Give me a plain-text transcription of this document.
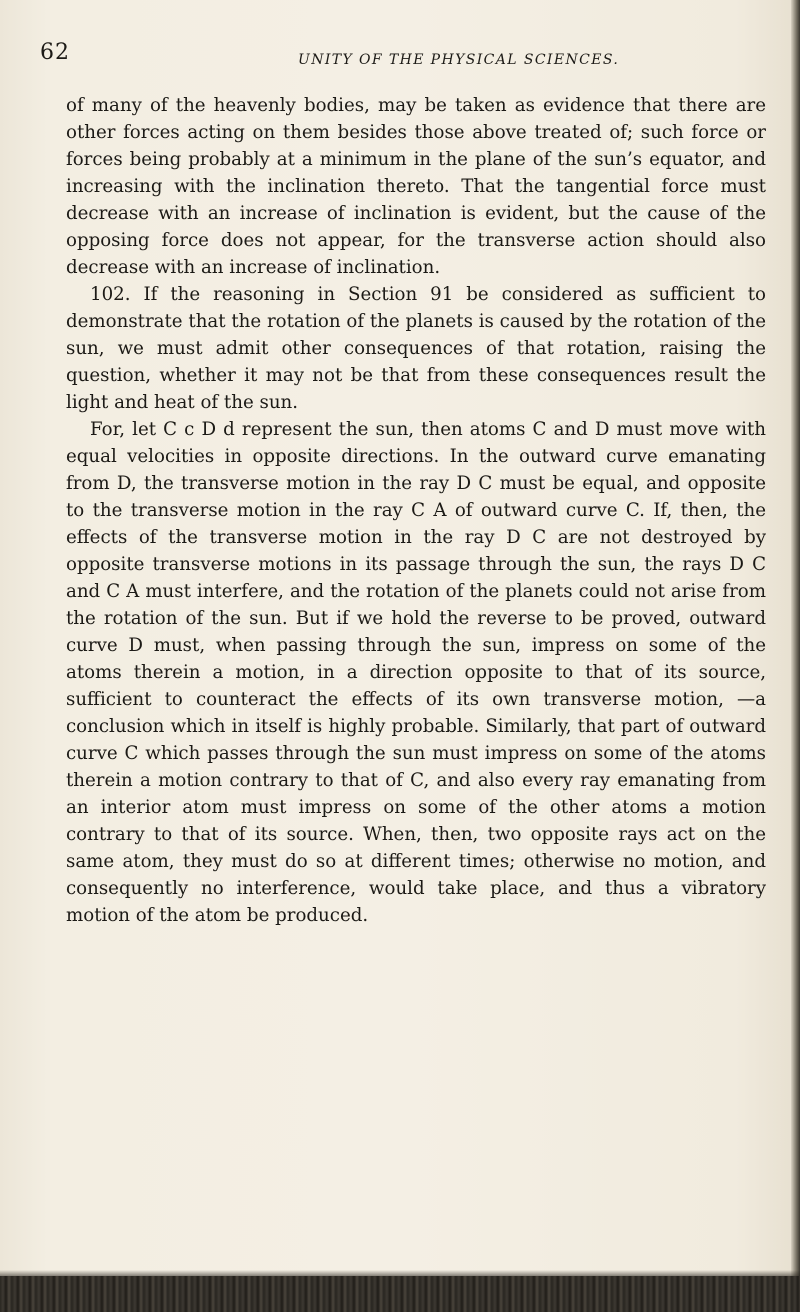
62	UNITY OF THE PHYSICAL SCIENCES.

of many of the heavenly bodies, may be taken as evidence that there are other forces acting on them besides those above treated of; such force or forces being probably at a minimum in the plane of the sun’s equator, and increasing with the inclination thereto. That the tangential force must decrease with an increase of inclination is evident, but the cause of the opposing force does not appear, for the transverse action should also decrease with an increase of inclination.

102. If the reasoning in Section 91 be considered as sufficient to demonstrate that the rotation of the planets is caused by the rotation of the sun, we must admit other consequences of that rotation, raising the question, whether it may not be that from these consequences result the light and heat of the sun.

For, let C c D d represent the sun, then atoms C and D must move with equal velocities in opposite directions. In the outward curve emanating from D, the transverse motion in the ray D C must be equal, and opposite to the transverse motion in the ray C A of outward curve C. If, then, the effects of the transverse motion in the ray D C are not destroyed by opposite transverse motions in its passage through the sun, the rays D C and C A must interfere, and the rotation of the planets could not arise from the rotation of the sun. But if we hold the reverse to be proved, outward curve D must, when passing through the sun, impress on some of the atoms therein a motion, in a direction opposite to that of its source, sufficient to counteract the effects of its own transverse motion, —a conclusion which in itself is highly probable. Similarly, that part of outward curve C which passes through the sun must impress on some of the atoms therein a motion contrary to that of C, and also every ray emanating from an interior atom must impress on some of the other atoms a motion contrary to that of its source. When, then, two opposite rays act on the same atom, they must do so at different times; otherwise no motion, and consequently no interference, would take place, and thus a vibratory motion of the atom be produced.
